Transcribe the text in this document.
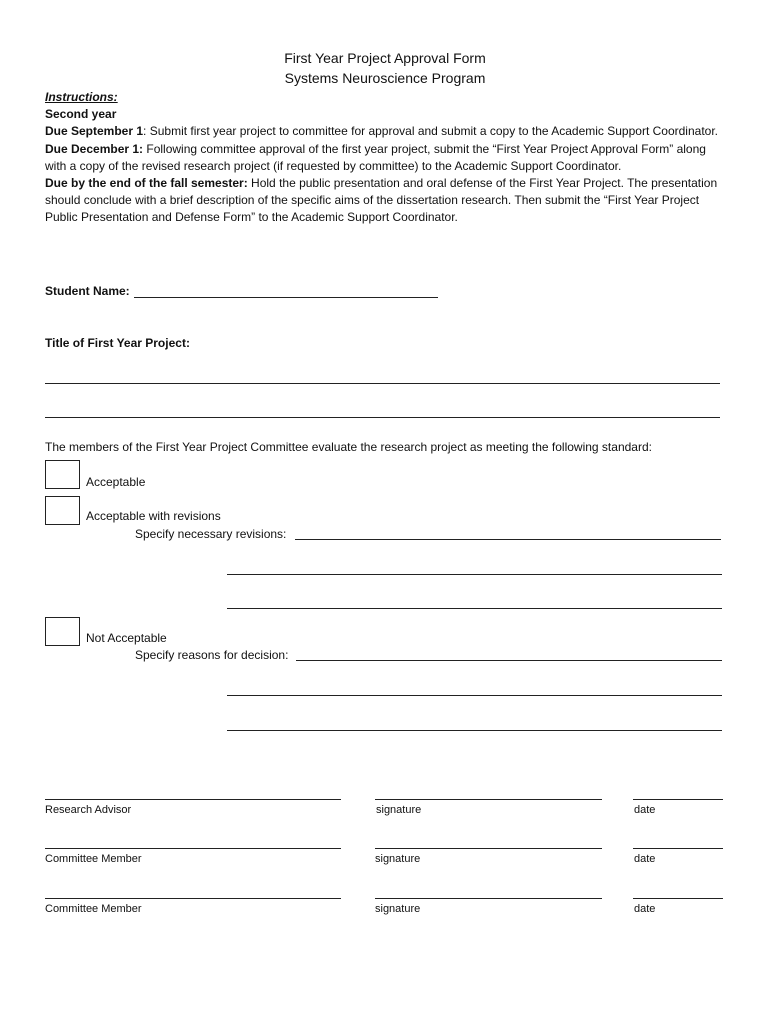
First Year Project Approval Form
Systems Neuroscience Program

Instructions:

Second year

Due September 1: Submit first year project to committee for approval and submit a copy to the Academic Support Coordinator.

Due December 1: Following committee approval of the first year project, submit the “First Year Project Approval Form” along with a copy of the revised research project (if requested by committee) to the Academic Support Coordinator.

Due by the end of the fall semester: Hold the public presentation and oral defense of the First Year Project. The presentation should conclude with a brief description of the specific aims of the dissertation research. Then submit the “First Year Project Public Presentation and Defense Form” to the Academic Support Coordinator.

Student Name:
Title of First Year Project:
The members of the First Year Project Committee evaluate the research project as meeting the following standard:
Acceptable
Acceptable with revisions
Specify necessary revisions:
Not Acceptable
Specify reasons for decision:
Research Advisor	signature	date
Committee Member	signature	date
Committee Member	signature	date
